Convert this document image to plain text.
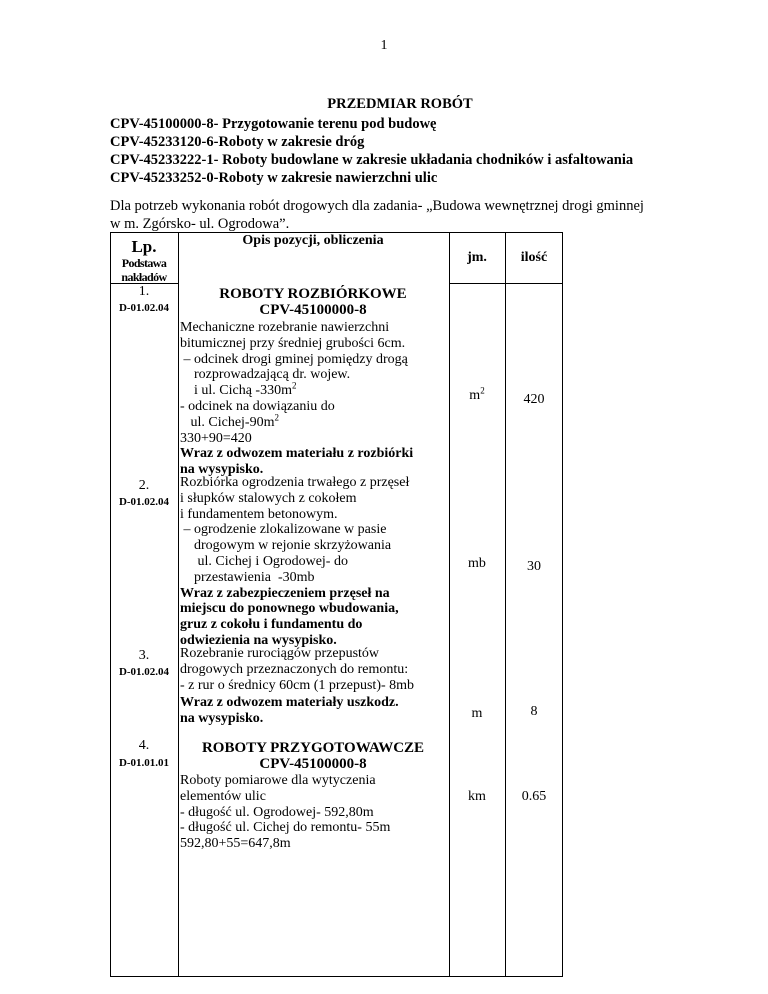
1
PRZEDMIAR ROBÓT
CPV-45100000-8- Przygotowanie terenu pod budowę
CPV-45233120-6-Roboty w zakresie dróg
CPV-45233222-1- Roboty budowlane w zakresie układania chodników i asfaltowania
CPV-45233252-0-Roboty w zakresie nawierzchni ulic
Dla potrzeb wykonania robót drogowych dla zadania- „Budowa wewnętrznej drogi gminnej
w m. Zgórsko- ul. Ogrodowa”.
Lp.
Podstawa
nakładów
Opis pozycji, obliczenia
jm.	ilość
ROBOTY ROZBIÓRKOWE
CPV-45100000-8
1.
D-01.02.04
Mechaniczne rozebranie nawierzchni
bitumicznej przy średniej grubości 6cm.
– odcinek drogi gminej pomiędzy drogą
rozprowadzającą dr. wojew.
i ul. Cichą $-330m^2$
- odcinek na dowiązaniu do
ul. Cichej-$90m^2$
330+90=420
Wraz z odwozem materiału z rozbiórki
na wysypisko.
$m^2$
420
2.
D-01.02.04
Rozbiórka ogrodzenia trwałego z przęseł
i słupków stalowych z cokołem
i fundamentem betonowym.
– ogrodzenie zlokalizowane w pasie
drogowym w rejonie skrzyżowania
ul. Cichej i Ogrodowej- do
przestawienia  -30mb
Wraz z zabezpieczeniem przęseł na
miejscu do ponownego wbudowania,
gruz z cokołu i fundamentu do
odwiezienia na wysypisko.
mb	30
3.
D-01.02.04
Rozebranie rurociągów przepustów
drogowych przeznaczonych do remontu:
- z rur o średnicy 60cm (1 przepust)- 8mb
Wraz z odwozem materiały uszkodz.
na wysypisko.	m	8
ROBOTY PRZYGOTOWAWCZE
CPV-45100000-8
4.
D-01.01.01
Roboty pomiarowe dla wytyczenia
elementów ulic
- długość ul. Ogrodowej- 592,80m
- długość ul. Cichej do remontu- 55m
592,80+55=647,8m
km	0.65
